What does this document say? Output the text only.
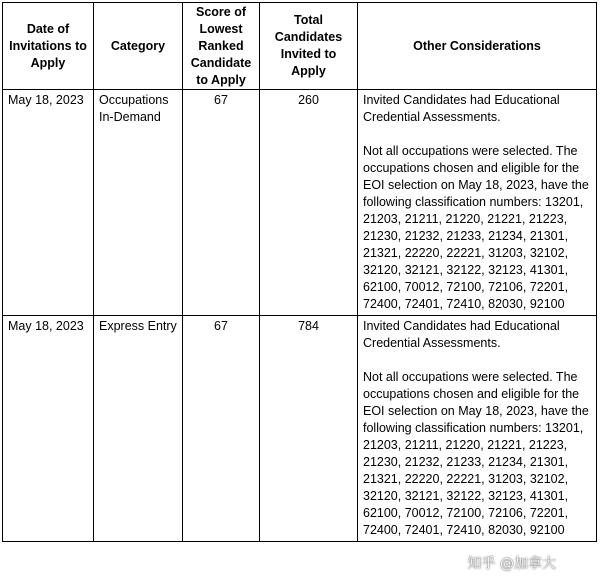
Date of Invitations to Apply	Category	Score of Lowest Ranked Candidate to Apply	Total Candidates Invited to Apply	Other Considerations
May 18, 2023	Occupations In-Demand	67	260	Invited Candidates had Educational Credential Assessments.

Not all occupations were selected. The occupations chosen and eligible for the EOI selection on May 18, 2023, have the following classification numbers: 13201, 21203, 21211, 21220, 21221, 21223, 21230, 21232, 21233, 21234, 21301, 21321, 22220, 22221, 31203, 32102, 32120, 32121, 32122, 32123, 41301, 62100, 70012, 72100, 72106, 72201, 72400, 72401, 72410, 82030, 92100

May 18, 2023	Express Entry	67	784	Invited Candidates had Educational Credential Assessments.

Not all occupations were selected. The occupations chosen and eligible for the EOI selection on May 18, 2023, have the following classification numbers: 13201, 21203, 21211, 21220, 21221, 21223, 21230, 21232, 21233, 21234, 21301, 21321, 22220, 22221, 31203, 32102, 32120, 32121, 32122, 32123, 41301, 62100, 70012, 72100, 72106, 72201, 72400, 72401, 72410, 82030, 92100

知乎 @加拿大
